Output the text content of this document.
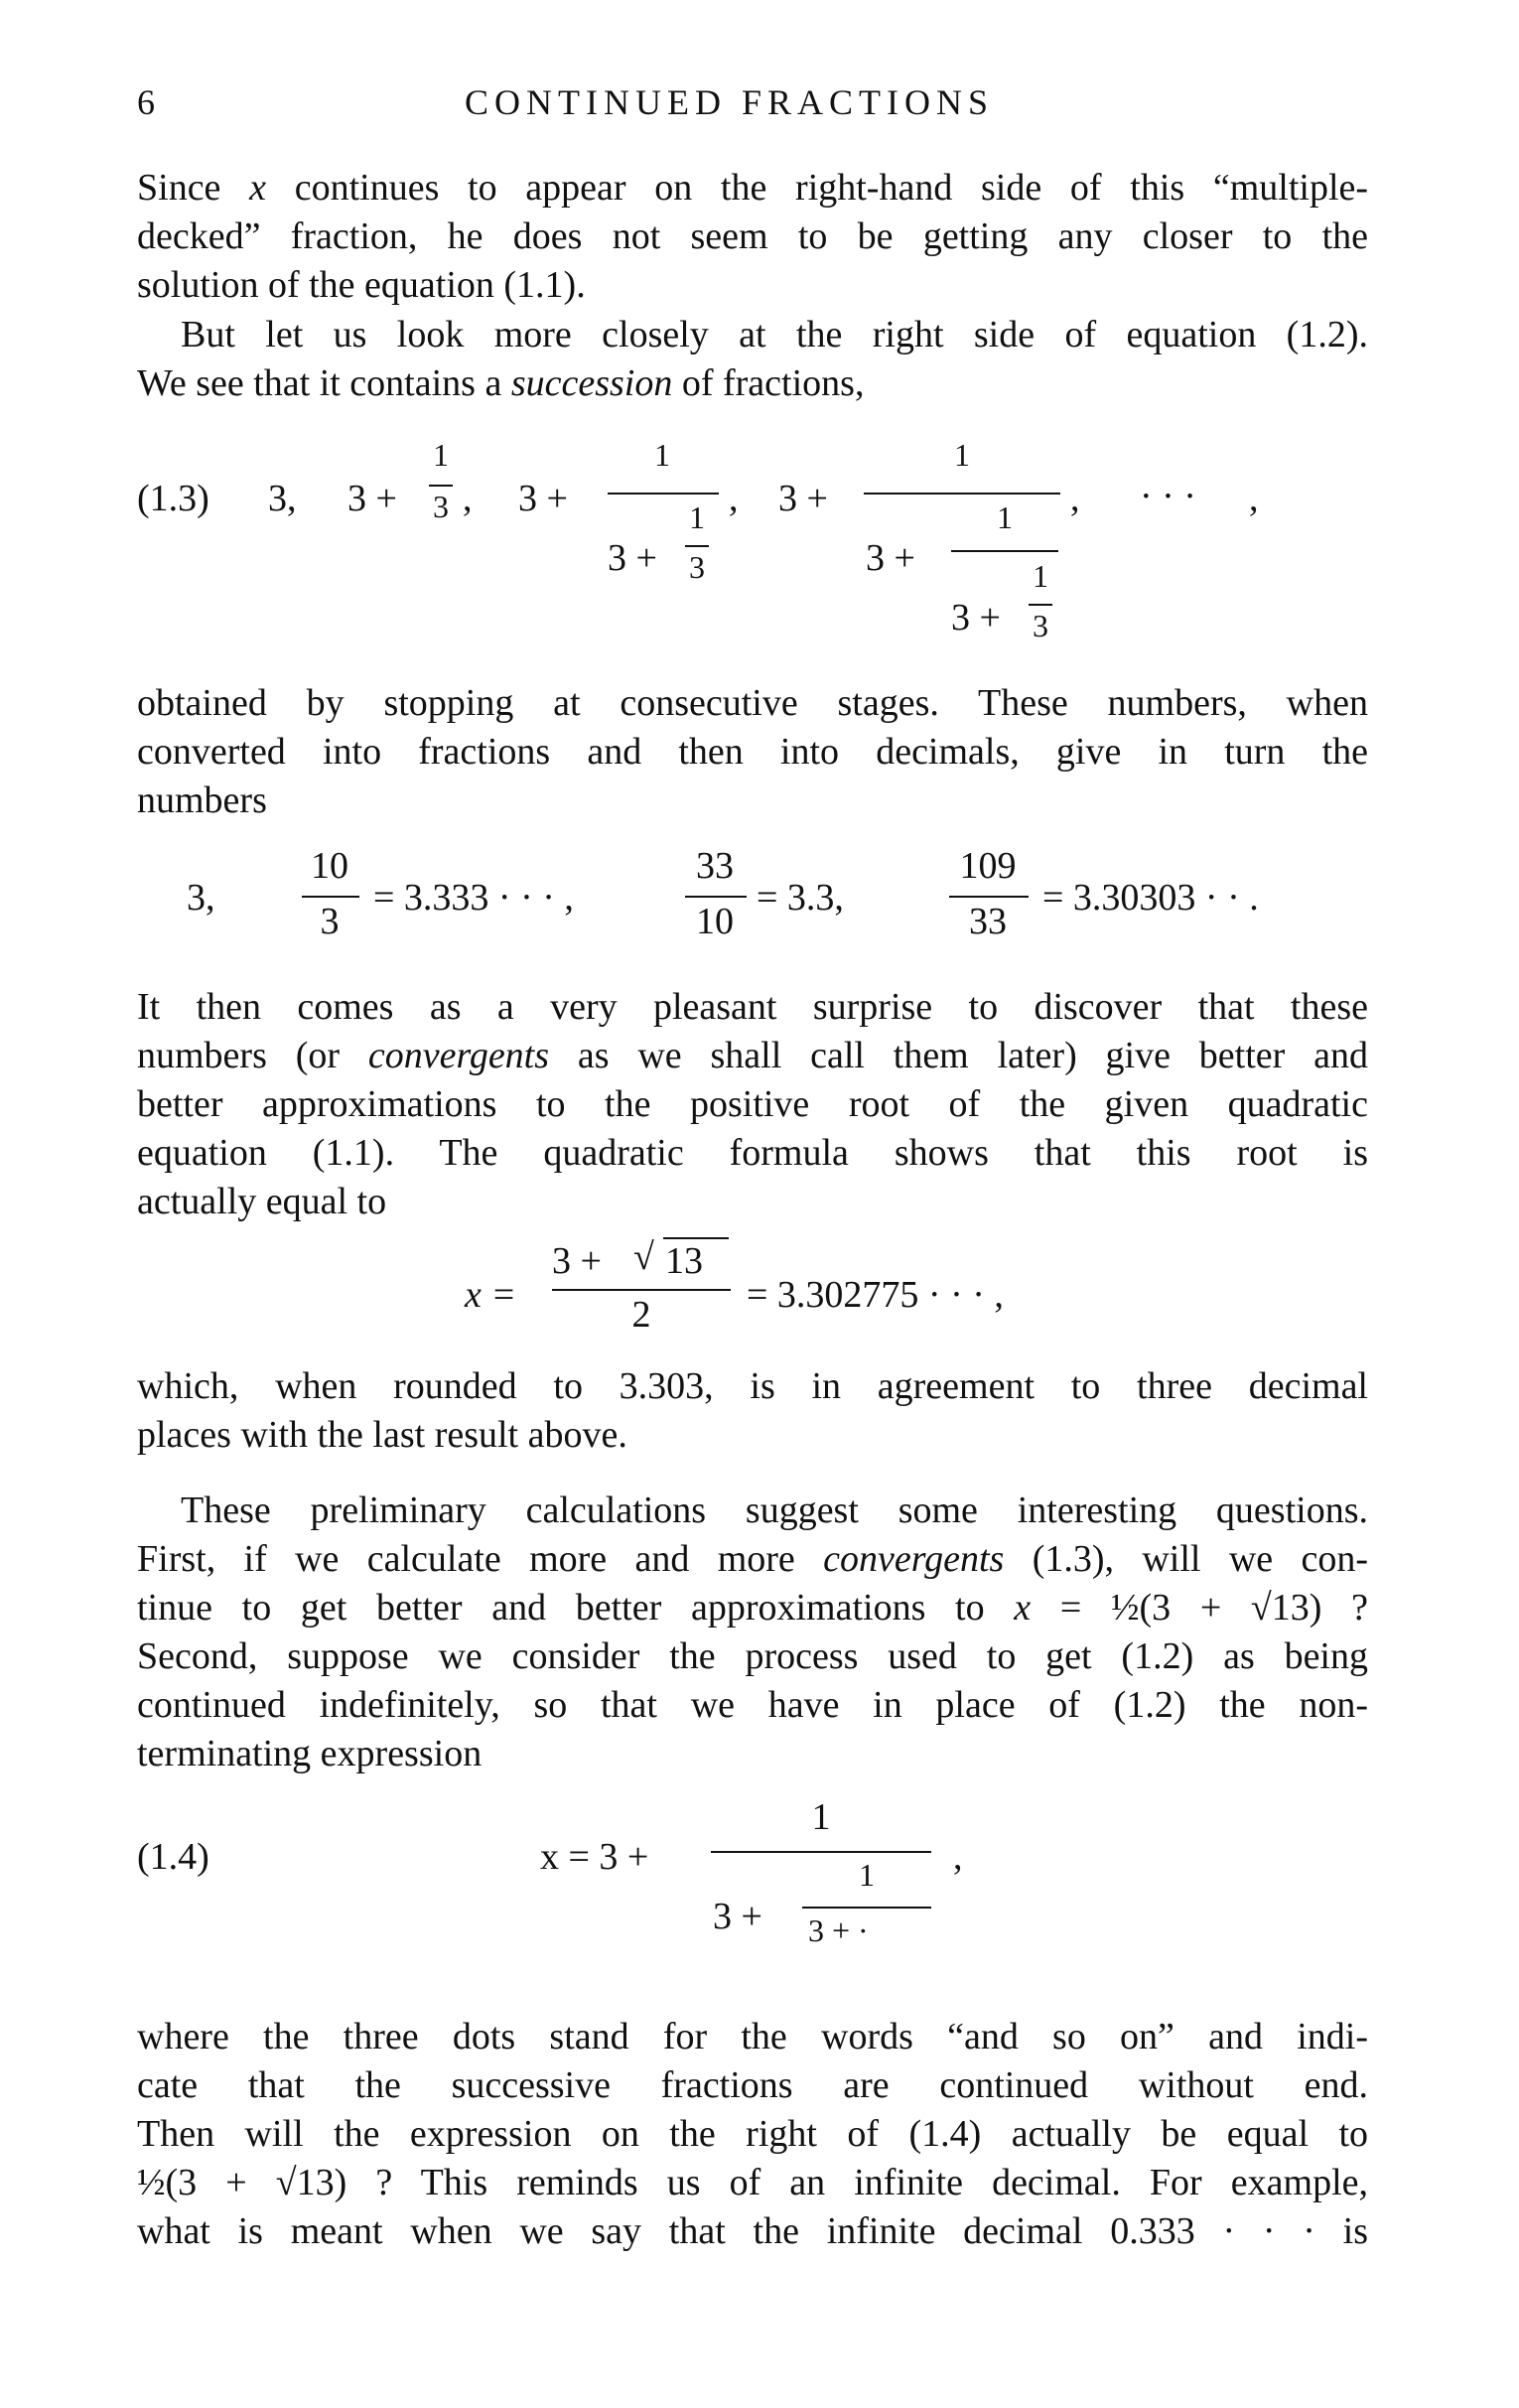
6	CONTINUED FRACTIONS
Since x continues to appear on the right-hand side of this “multiple-
decked” fraction, he does not seem to be getting any closer to the
solution of the equation (1.1).
But let us look more closely at the right side of equation (1.2).
We see that it contains a succession of fractions,
(1.3) 3, 3 +
1
3 , 3 +
1
3 +
1
3
, 3 +
1
3 +
1
3 +
1
3
, · · · ,
obtained by stopping at consecutive stages. These numbers, when
converted into fractions and then into decimals, give in turn the
numbers
3,
10
3
= 3.333 · · · ,
33
10
= 3.3,
109
33
= 3.30303 · · .
It then comes as a very pleasant surprise to discover that these
numbers (or convergents as we shall call them later) give better and
better approximations to the positive root of the given quadratic
equation (1.1). The quadratic formula shows that this root is
actually equal to
x =
3 + √ 13
2	= 3.302775 · · · ,
which, when rounded to 3.303, is in agreement to three decimal
places with the last result above.
These preliminary calculations suggest some interesting questions.
First, if we calculate more and more convergents (1.3), will we con-
tinue to get better and better approximations to x = ½(3 + √13) ?
Second, suppose we consider the process used to get (1.2) as being
continued indefinitely, so that we have in place of (1.2) the non-
terminating expression
(1.4)	x = 3 +
1
3 +
1
3 + ·
,
where the three dots stand for the words “and so on” and indi-
cate that the successive fractions are continued without end.
Then will the expression on the right of (1.4) actually be equal to
½(3 + √13) ? This reminds us of an infinite decimal. For example,
what is meant when we say that the infinite decimal 0.333 · · · is
